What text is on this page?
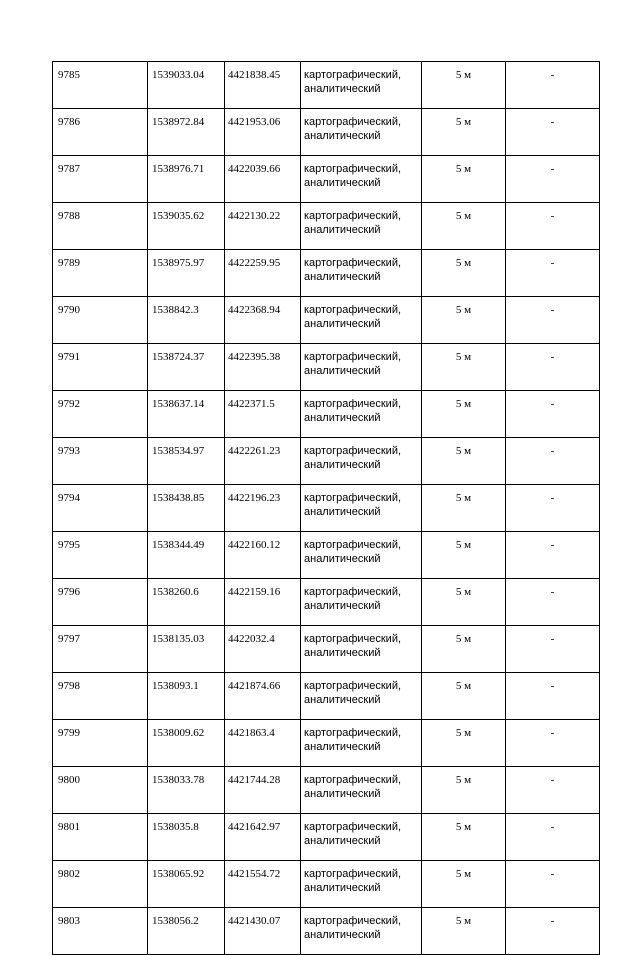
9785	1539033.04	4421838.45	картографический,
аналитический	5 м	-
9786	1538972.84	4421953.06	картографический,
аналитический	5 м	-
9787	1538976.71	4422039.66	картографический,
аналитический	5 м	-
9788	1539035.62	4422130.22	картографический,
аналитический	5 м	-
9789	1538975.97	4422259.95	картографический,
аналитический	5 м	-
9790	1538842.3	4422368.94	картографический,
аналитический	5 м	-
9791	1538724.37	4422395.38	картографический,
аналитический	5 м	-
9792	1538637.14	4422371.5	картографический,
аналитический	5 м	-
9793	1538534.97	4422261.23	картографический,
аналитический	5 м	-
9794	1538438.85	4422196.23	картографический,
аналитический	5 м	-
9795	1538344.49	4422160.12	картографический,
аналитический	5 м	-
9796	1538260.6	4422159.16	картографический,
аналитический	5 м	-
9797	1538135.03	4422032.4	картографический,
аналитический	5 м	-
9798	1538093.1	4421874.66	картографический,
аналитический	5 м	-
9799	1538009.62	4421863.4	картографический,
аналитический	5 м	-
9800	1538033.78	4421744.28	картографический,
аналитический	5 м	-
9801	1538035.8	4421642.97	картографический,
аналитический	5 м	-
9802	1538065.92	4421554.72	картографический,
аналитический	5 м	-
9803	1538056.2	4421430.07	картографический,
аналитический	5 м	-
